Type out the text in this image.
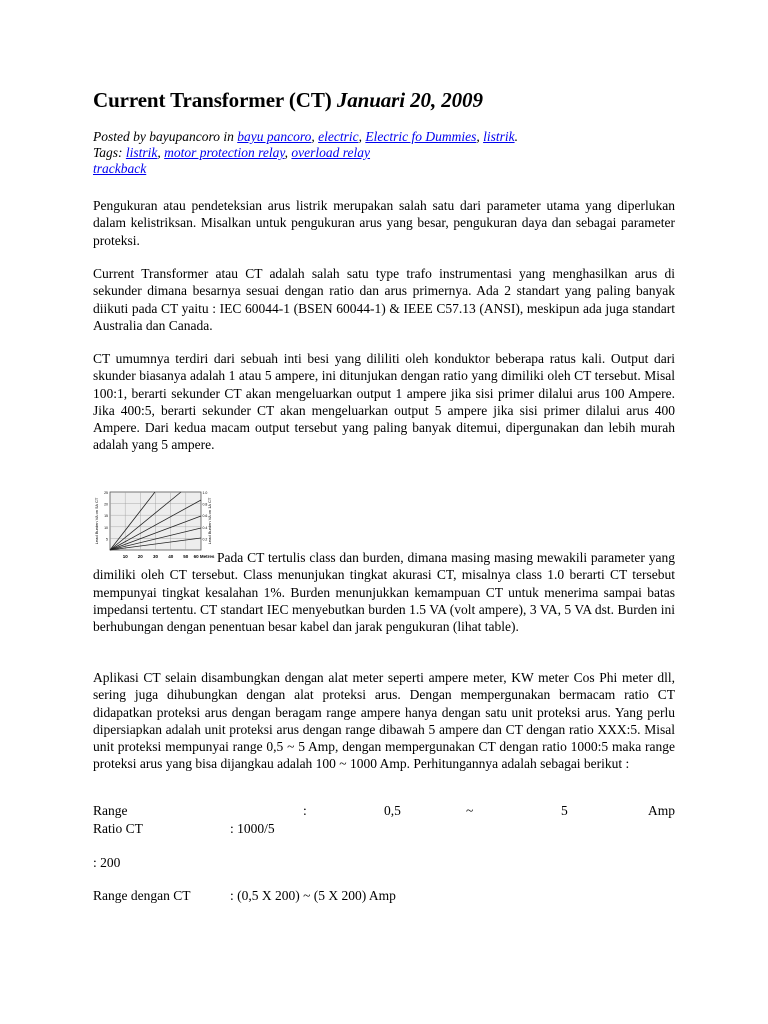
Current Transformer (CT) Januari 20, 2009
Posted by bayupancoro in bayu pancoro, electric, Electric fo Dummies, listrik.
Tags: listrik, motor protection relay, overload relay
trackback

Pengukuran atau pendeteksian arus listrik merupakan salah satu dari parameter utama yang diperlukan dalam kelistriksan. Misalkan untuk pengukuran arus yang besar, pengukuran daya dan sebagai parameter proteksi.

Current Transformer atau CT adalah salah satu type trafo instrumentasi yang menghasilkan arus di sekunder dimana besarnya sesuai dengan ratio dan arus primernya. Ada 2 standart yang paling banyak diikuti pada CT yaitu : IEC 60044-1 (BSEN 60044-1) & IEEE C57.13 (ANSI), meskipun ada juga standart Australia dan Canada.

CT umumnya terdiri dari sebuah inti besi yang dililiti oleh konduktor beberapa ratus kali. Output dari skunder biasanya adalah 1 atau 5 ampere, ini ditunjukan dengan ratio yang dimiliki oleh CT tersebut. Misal 100:1, berarti sekunder CT akan mengeluarkan output 1 ampere jika sisi primer dilalui arus 100 Ampere. Jika 400:5, berarti sekunder CT akan mengeluarkan output 5 ampere jika sisi primer dilalui arus 400 Ampere. Dari kedua macam output tersebut yang paling banyak ditemui, dipergunakan dan lebih murah adalah yang 5 ampere.

Lead Burden VA on 5A CT	Lead Burden VA on 1A CT
25
20
15
10
5
1.0
0.8
0.6
0.4
0.2
10 20 30 40 50 60 Metres Pada CT tertulis class dan burden, dimana masing masing mewakili parameter yang dimiliki oleh CT tersebut. Class menunjukan tingkat akurasi CT, misalnya class 1.0 berarti CT tersebut mempunyai tingkat kesalahan 1%. Burden menunjukkan kemampuan CT untuk menerima sampai batas impedansi tertentu. CT standart IEC menyebutkan burden 1.5 VA (volt ampere), 3 VA, 5 VA dst. Burden ini berhubungan dengan penentuan besar kabel dan jarak pengukuran (lihat table).

Aplikasi CT selain disambungkan dengan alat meter seperti ampere meter, KW meter Cos Phi meter dll, sering juga dihubungkan dengan alat proteksi arus. Dengan mempergunakan bermacam ratio CT didapatkan proteksi arus dengan beragam range ampere hanya dengan satu unit proteksi arus. Yang perlu dipersiapkan adalah unit proteksi arus dengan range dibawah 5 ampere dan CT dengan ratio XXX:5. Misal unit proteksi mempunyai range 0,5 ~ 5 Amp, dengan mempergunakan CT dengan ratio 1000:5 maka range proteksi arus yang bisa dijangkau adalah 100 ~ 1000 Amp. Perhitungannya adalah sebagai berikut :

Range	:	0,5	~	5	Amp
Ratio CT	: 1000/5
: 200
Range dengan CT	: (0,5 X 200) ~ (5 X 200) Amp
